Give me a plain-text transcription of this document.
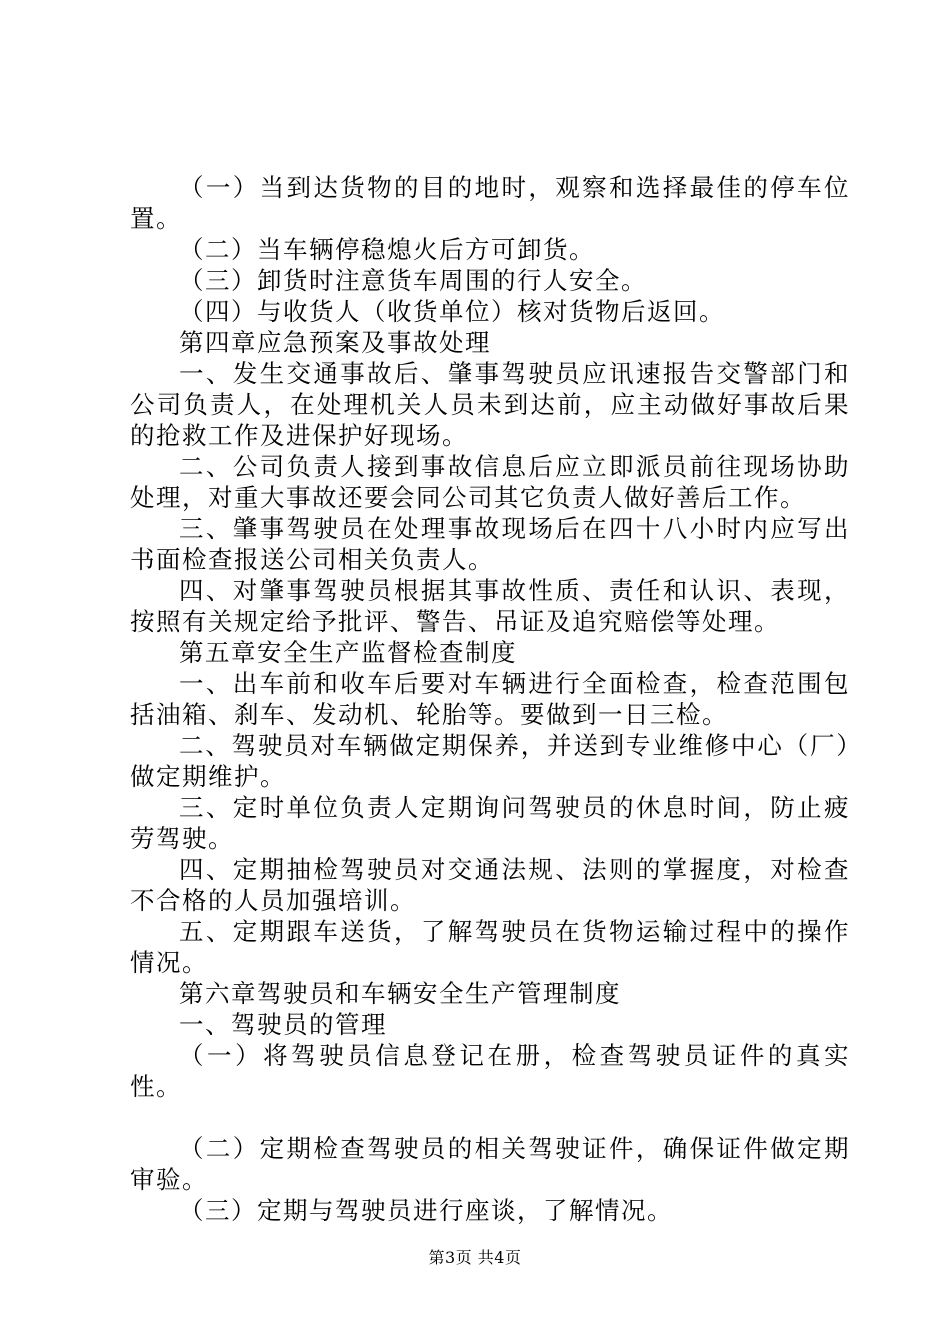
（一）当到达货物的目的地时，观察和选择最佳的停车位置。

（二）当车辆停稳熄火后方可卸货。

（三）卸货时注意货车周围的行人安全。

（四）与收货人（收货单位）核对货物后返回。

第四章应急预案及事故处理

一、发生交通事故后、肇事驾驶员应讯速报告交警部门和公司负责人，在处理机关人员未到达前，应主动做好事故后果的抢救工作及进保护好现场。

二、公司负责人接到事故信息后应立即派员前往现场协助处理，对重大事故还要会同公司其它负责人做好善后工作。

三、肇事驾驶员在处理事故现场后在四十八小时内应写出书面检查报送公司相关负责人。

四、对肇事驾驶员根据其事故性质、责任和认识、表现，按照有关规定给予批评、警告、吊证及追究赔偿等处理。

第五章安全生产监督检查制度

一、出车前和收车后要对车辆进行全面检查，检查范围包括油箱、刹车、发动机、轮胎等。要做到一日三检。

二、驾驶员对车辆做定期保养，并送到专业维修中心（厂）做定期维护。

三、定时单位负责人定期询问驾驶员的休息时间，防止疲劳驾驶。

四、定期抽检驾驶员对交通法规、法则的掌握度，对检查不合格的人员加强培训。

五、定期跟车送货，了解驾驶员在货物运输过程中的操作情况。

第六章驾驶员和车辆安全生产管理制度

一、驾驶员的管理

（一）将驾驶员信息登记在册，检查驾驶员证件的真实性。

（二）定期检查驾驶员的相关驾驶证件，确保证件做定期审验。

（三）定期与驾驶员进行座谈，了解情况。

第3页 共4页
